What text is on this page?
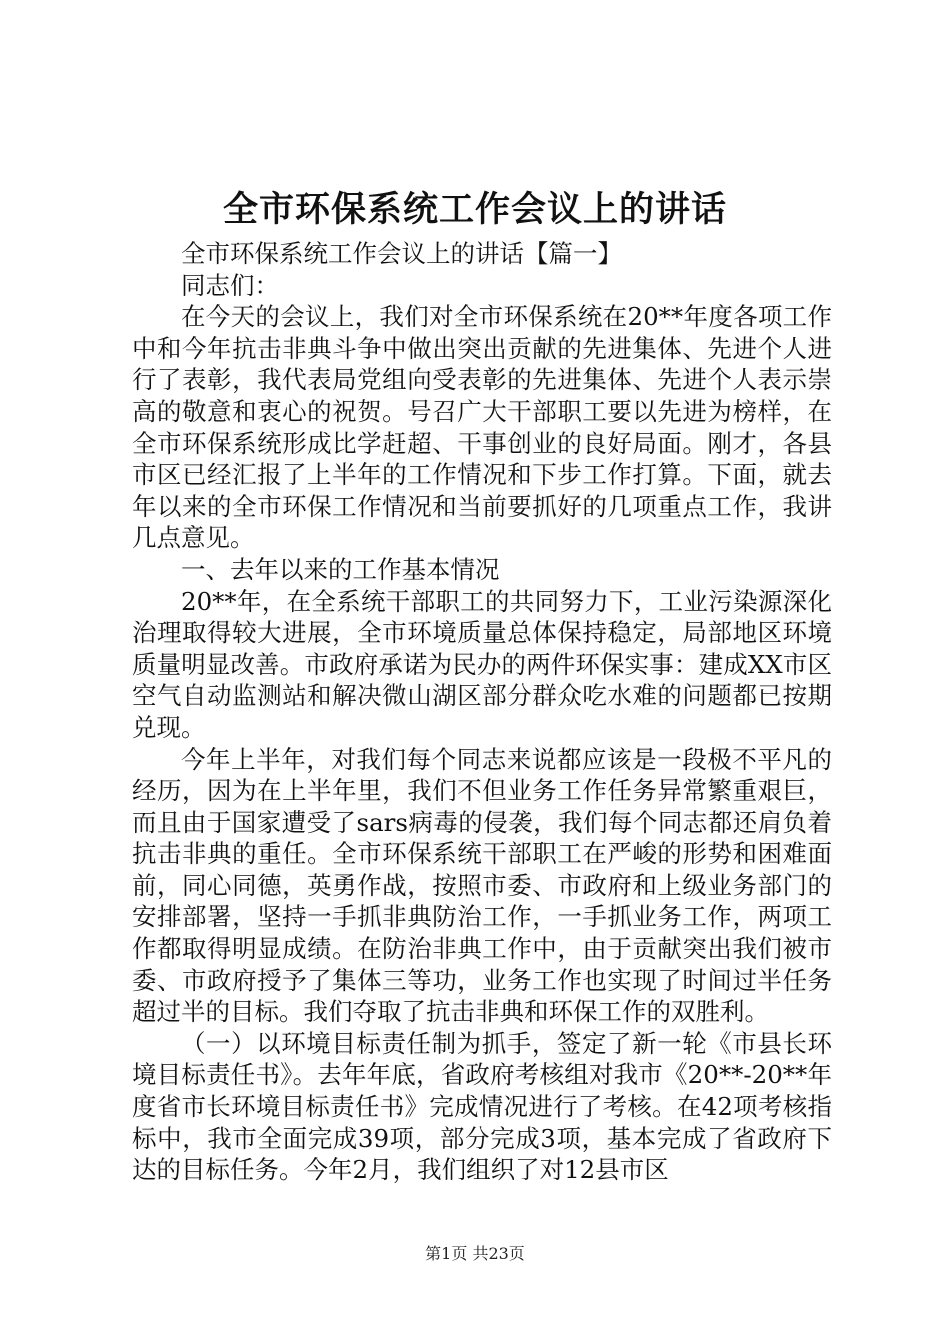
全市环保系统工作会议上的讲话

全市环保系统工作会议上的讲话【篇一】

同志们：

在今天的会议上，我们对全市环保系统在20**年度各项工作中和今年抗击非典斗争中做出突出贡献的先进集体、先进个人进行了表彰，我代表局党组向受表彰的先进集体、先进个人表示崇高的敬意和衷心的祝贺。号召广大干部职工要以先进为榜样，在全市环保系统形成比学赶超、干事创业的良好局面。刚才，各县市区已经汇报了上半年的工作情况和下步工作打算。下面，就去年以来的全市环保工作情况和当前要抓好的几项重点工作，我讲几点意见。

一、去年以来的工作基本情况

20**年，在全系统干部职工的共同努力下，工业污染源深化治理取得较大进展，全市环境质量总体保持稳定，局部地区环境质量明显改善。市政府承诺为民办的两件环保实事：建成XX市区空气自动监测站和解决微山湖区部分群众吃水难的问题都已按期兑现。

今年上半年，对我们每个同志来说都应该是一段极不平凡的经历，因为在上半年里，我们不但业务工作任务异常繁重艰巨，而且由于国家遭受了sars病毒的侵袭，我们每个同志都还肩负着抗击非典的重任。全市环保系统干部职工在严峻的形势和困难面前，同心同德，英勇作战，按照市委、市政府和上级业务部门的安排部署，坚持一手抓非典防治工作，一手抓业务工作，两项工作都取得明显成绩。在防治非典工作中，由于贡献突出我们被市委、市政府授予了集体三等功，业务工作也实现了时间过半任务超过半的目标。我们夺取了抗击非典和环保工作的双胜利。

（一）以环境目标责任制为抓手，签定了新一轮《市县长环境目标责任书》。去年年底，省政府考核组对我市《20**-20**年度省市长环境目标责任书》完成情况进行了考核。在42项考核指标中，我市全面完成39项，部分完成3项，基本完成了省政府下达的目标任务。今年2月，我们组织了对12县市区

第1页 共23页
